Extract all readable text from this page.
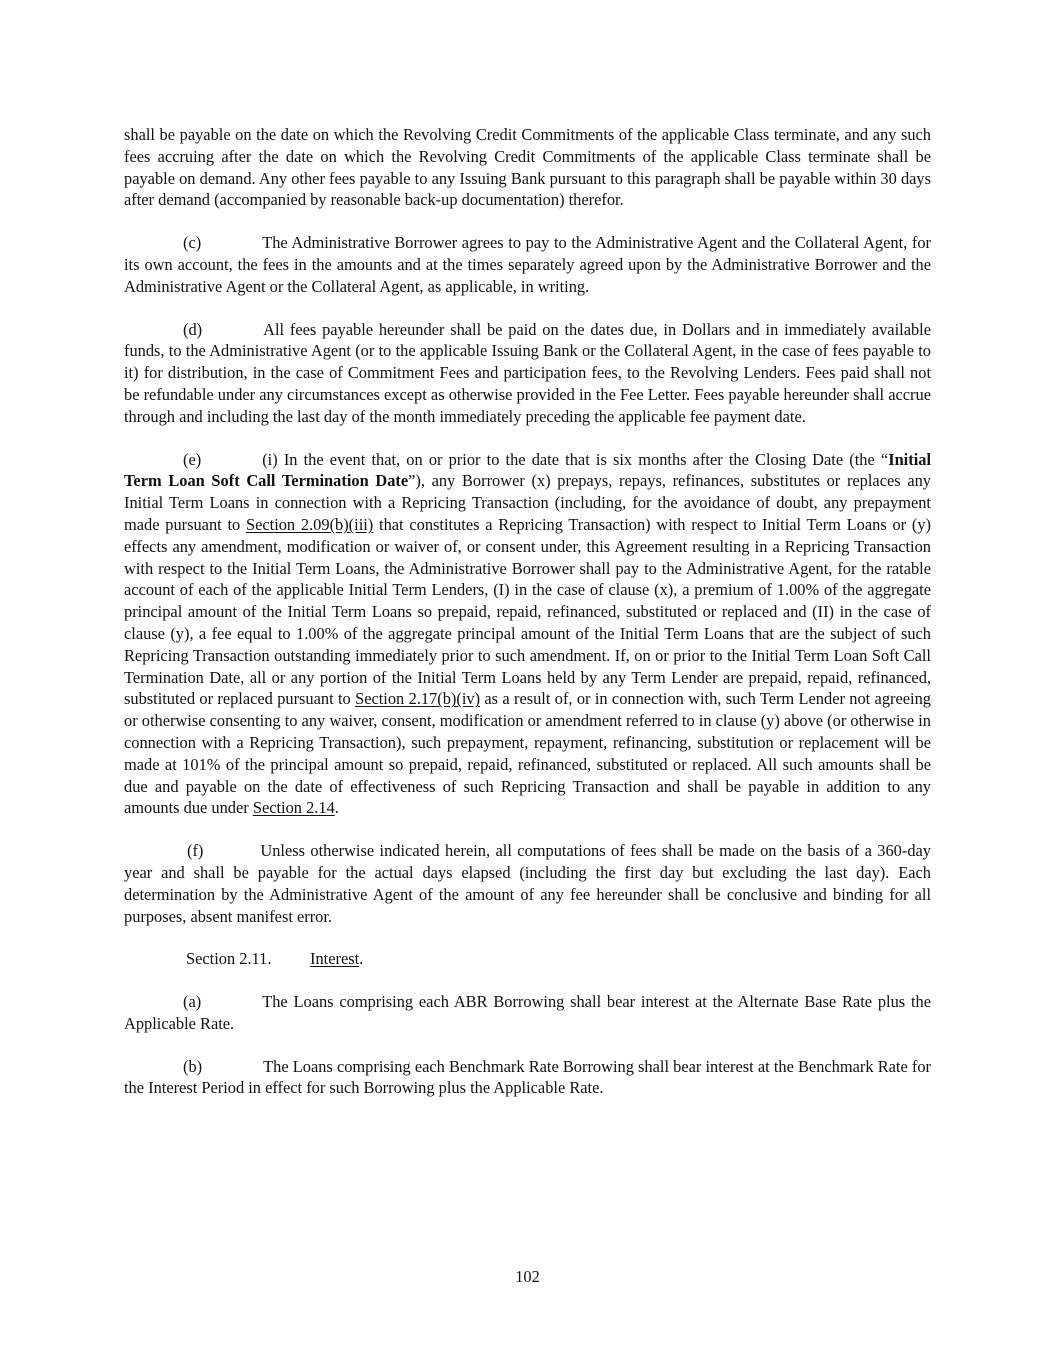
shall be payable on the date on which the Revolving Credit Commitments of the applicable Class terminate, and any such fees accruing after the date on which the Revolving Credit Commitments of the applicable Class terminate shall be payable on demand. Any other fees payable to any Issuing Bank pursuant to this paragraph shall be payable within 30 days after demand (accompanied by reasonable back-up documentation) therefor.

(c)	The Administrative Borrower agrees to pay to the Administrative Agent and the Collateral Agent, for its own account, the fees in the amounts and at the times separately agreed upon by the Administrative Borrower and the Administrative Agent or the Collateral Agent, as applicable, in writing.

(d)	All fees payable hereunder shall be paid on the dates due, in Dollars and in immediately available funds, to the Administrative Agent (or to the applicable Issuing Bank or the Collateral Agent, in the case of fees payable to it) for distribution, in the case of Commitment Fees and participation fees, to the Revolving Lenders. Fees paid shall not be refundable under any circumstances except as otherwise provided in the Fee Letter. Fees payable hereunder shall accrue through and including the last day of the month immediately preceding the applicable fee payment date.

(e)	(i) In the event that, on or prior to the date that is six months after the Closing Date (the “Initial Term Loan Soft Call Termination Date”), any Borrower (x) prepays, repays, refinances, substitutes or replaces any Initial Term Loans in connection with a Repricing Transaction (including, for the avoidance of doubt, any prepayment made pursuant to Section 2.09(b)(iii) that constitutes a Repricing Transaction) with respect to Initial Term Loans or (y) effects any amendment, modification or waiver of, or consent under, this Agreement resulting in a Repricing Transaction with respect to the Initial Term Loans, the Administrative Borrower shall pay to the Administrative Agent, for the ratable account of each of the applicable Initial Term Lenders, (I) in the case of clause (x), a premium of 1.00% of the aggregate principal amount of the Initial Term Loans so prepaid, repaid, refinanced, substituted or replaced and (II) in the case of clause (y), a fee equal to 1.00% of the aggregate principal amount of the Initial Term Loans that are the subject of such Repricing Transaction outstanding immediately prior to such amendment. If, on or prior to the Initial Term Loan Soft Call Termination Date, all or any portion of the Initial Term Loans held by any Term Lender are prepaid, repaid, refinanced, substituted or replaced pursuant to Section 2.17(b)(iv) as a result of, or in connection with, such Term Lender not agreeing or otherwise consenting to any waiver, consent, modification or amendment referred to in clause (y) above (or otherwise in connection with a Repricing Transaction), such prepayment, repayment, refinancing, substitution or replacement will be made at 101% of the principal amount so prepaid, repaid, refinanced, substituted or replaced. All such amounts shall be due and payable on the date of effectiveness of such Repricing Transaction and shall be payable in addition to any amounts due under Section 2.14.

(f)	Unless otherwise indicated herein, all computations of fees shall be made on the basis of a 360-day year and shall be payable for the actual days elapsed (including the first day but excluding the last day). Each determination by the Administrative Agent of the amount of any fee hereunder shall be conclusive and binding for all purposes, absent manifest error.

Section 2.11. Interest.

(a)	The Loans comprising each ABR Borrowing shall bear interest at the Alternate Base Rate plus the Applicable Rate.

(b)	The Loans comprising each Benchmark Rate Borrowing shall bear interest at the Benchmark Rate for the Interest Period in effect for such Borrowing plus the Applicable Rate.

102
